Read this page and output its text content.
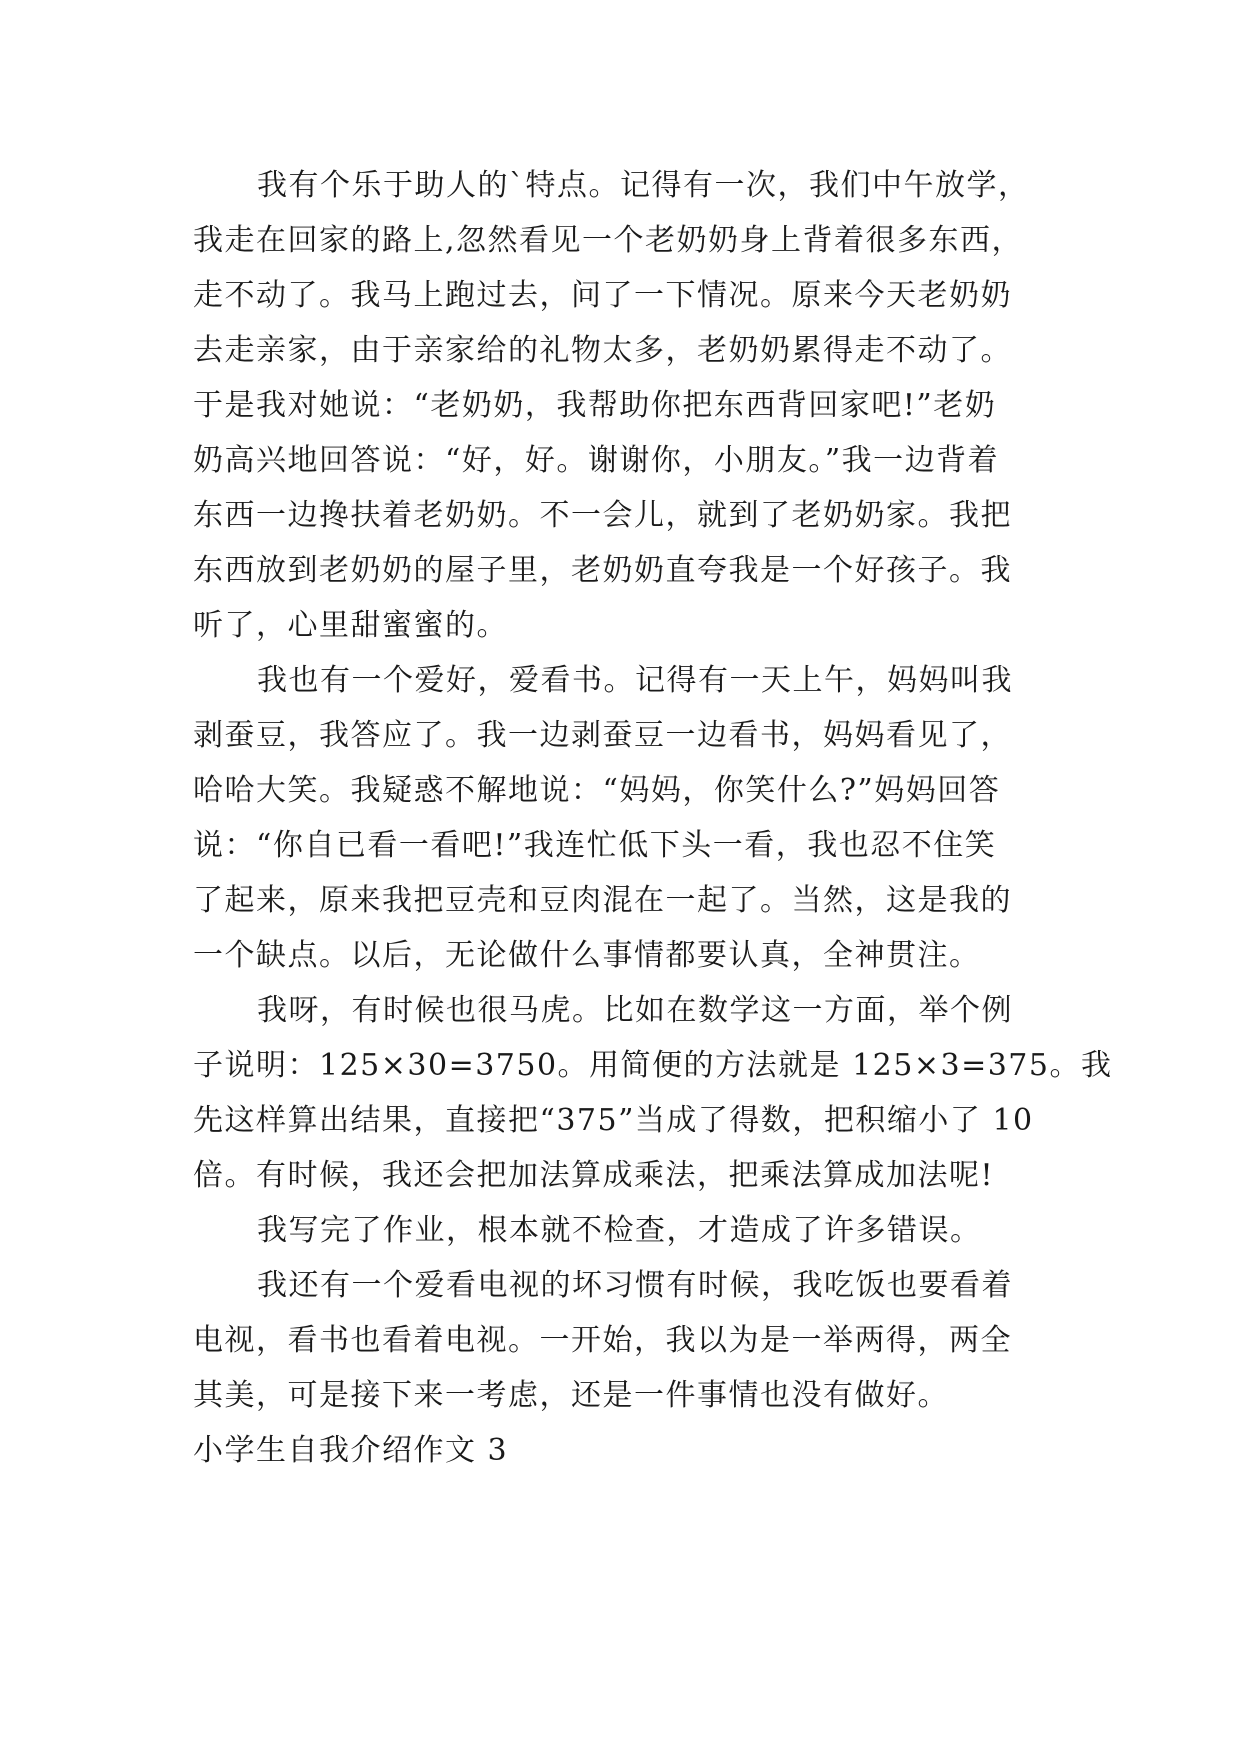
我有个乐于助人的`特点。记得有一次，我们中午放学，
我走在回家的路上,忽然看见一个老奶奶身上背着很多东西，
走不动了。我马上跑过去，问了一下情况。原来今天老奶奶
去走亲家，由于亲家给的礼物太多，老奶奶累得走不动了。
于是我对她说：“老奶奶，我帮助你把东西背回家吧!”老奶
奶高兴地回答说：“好，好。谢谢你，小朋友。”我一边背着
东西一边搀扶着老奶奶。不一会儿，就到了老奶奶家。我把
东西放到老奶奶的屋子里，老奶奶直夸我是一个好孩子。我
听了，心里甜蜜蜜的。
我也有一个爱好，爱看书。记得有一天上午，妈妈叫我
剥蚕豆，我答应了。我一边剥蚕豆一边看书，妈妈看见了，
哈哈大笑。我疑惑不解地说：“妈妈，你笑什么?”妈妈回答
说：“你自已看一看吧!”我连忙低下头一看，我也忍不住笑
了起来，原来我把豆壳和豆肉混在一起了。当然，这是我的
一个缺点。以后，无论做什么事情都要认真，全神贯注。
我呀，有时候也很马虎。比如在数学这一方面，举个例
子说明：125×30=3750。用简便的方法就是 125×3=375。我
先这样算出结果，直接把“375”当成了得数，把积缩小了 10
倍。有时候，我还会把加法算成乘法，把乘法算成加法呢!
我写完了作业，根本就不检查，才造成了许多错误。
我还有一个爱看电视的坏习惯有时候，我吃饭也要看着
电视，看书也看着电视。一开始，我以为是一举两得，两全
其美，可是接下来一考虑，还是一件事情也没有做好。
小学生自我介绍作文 3
